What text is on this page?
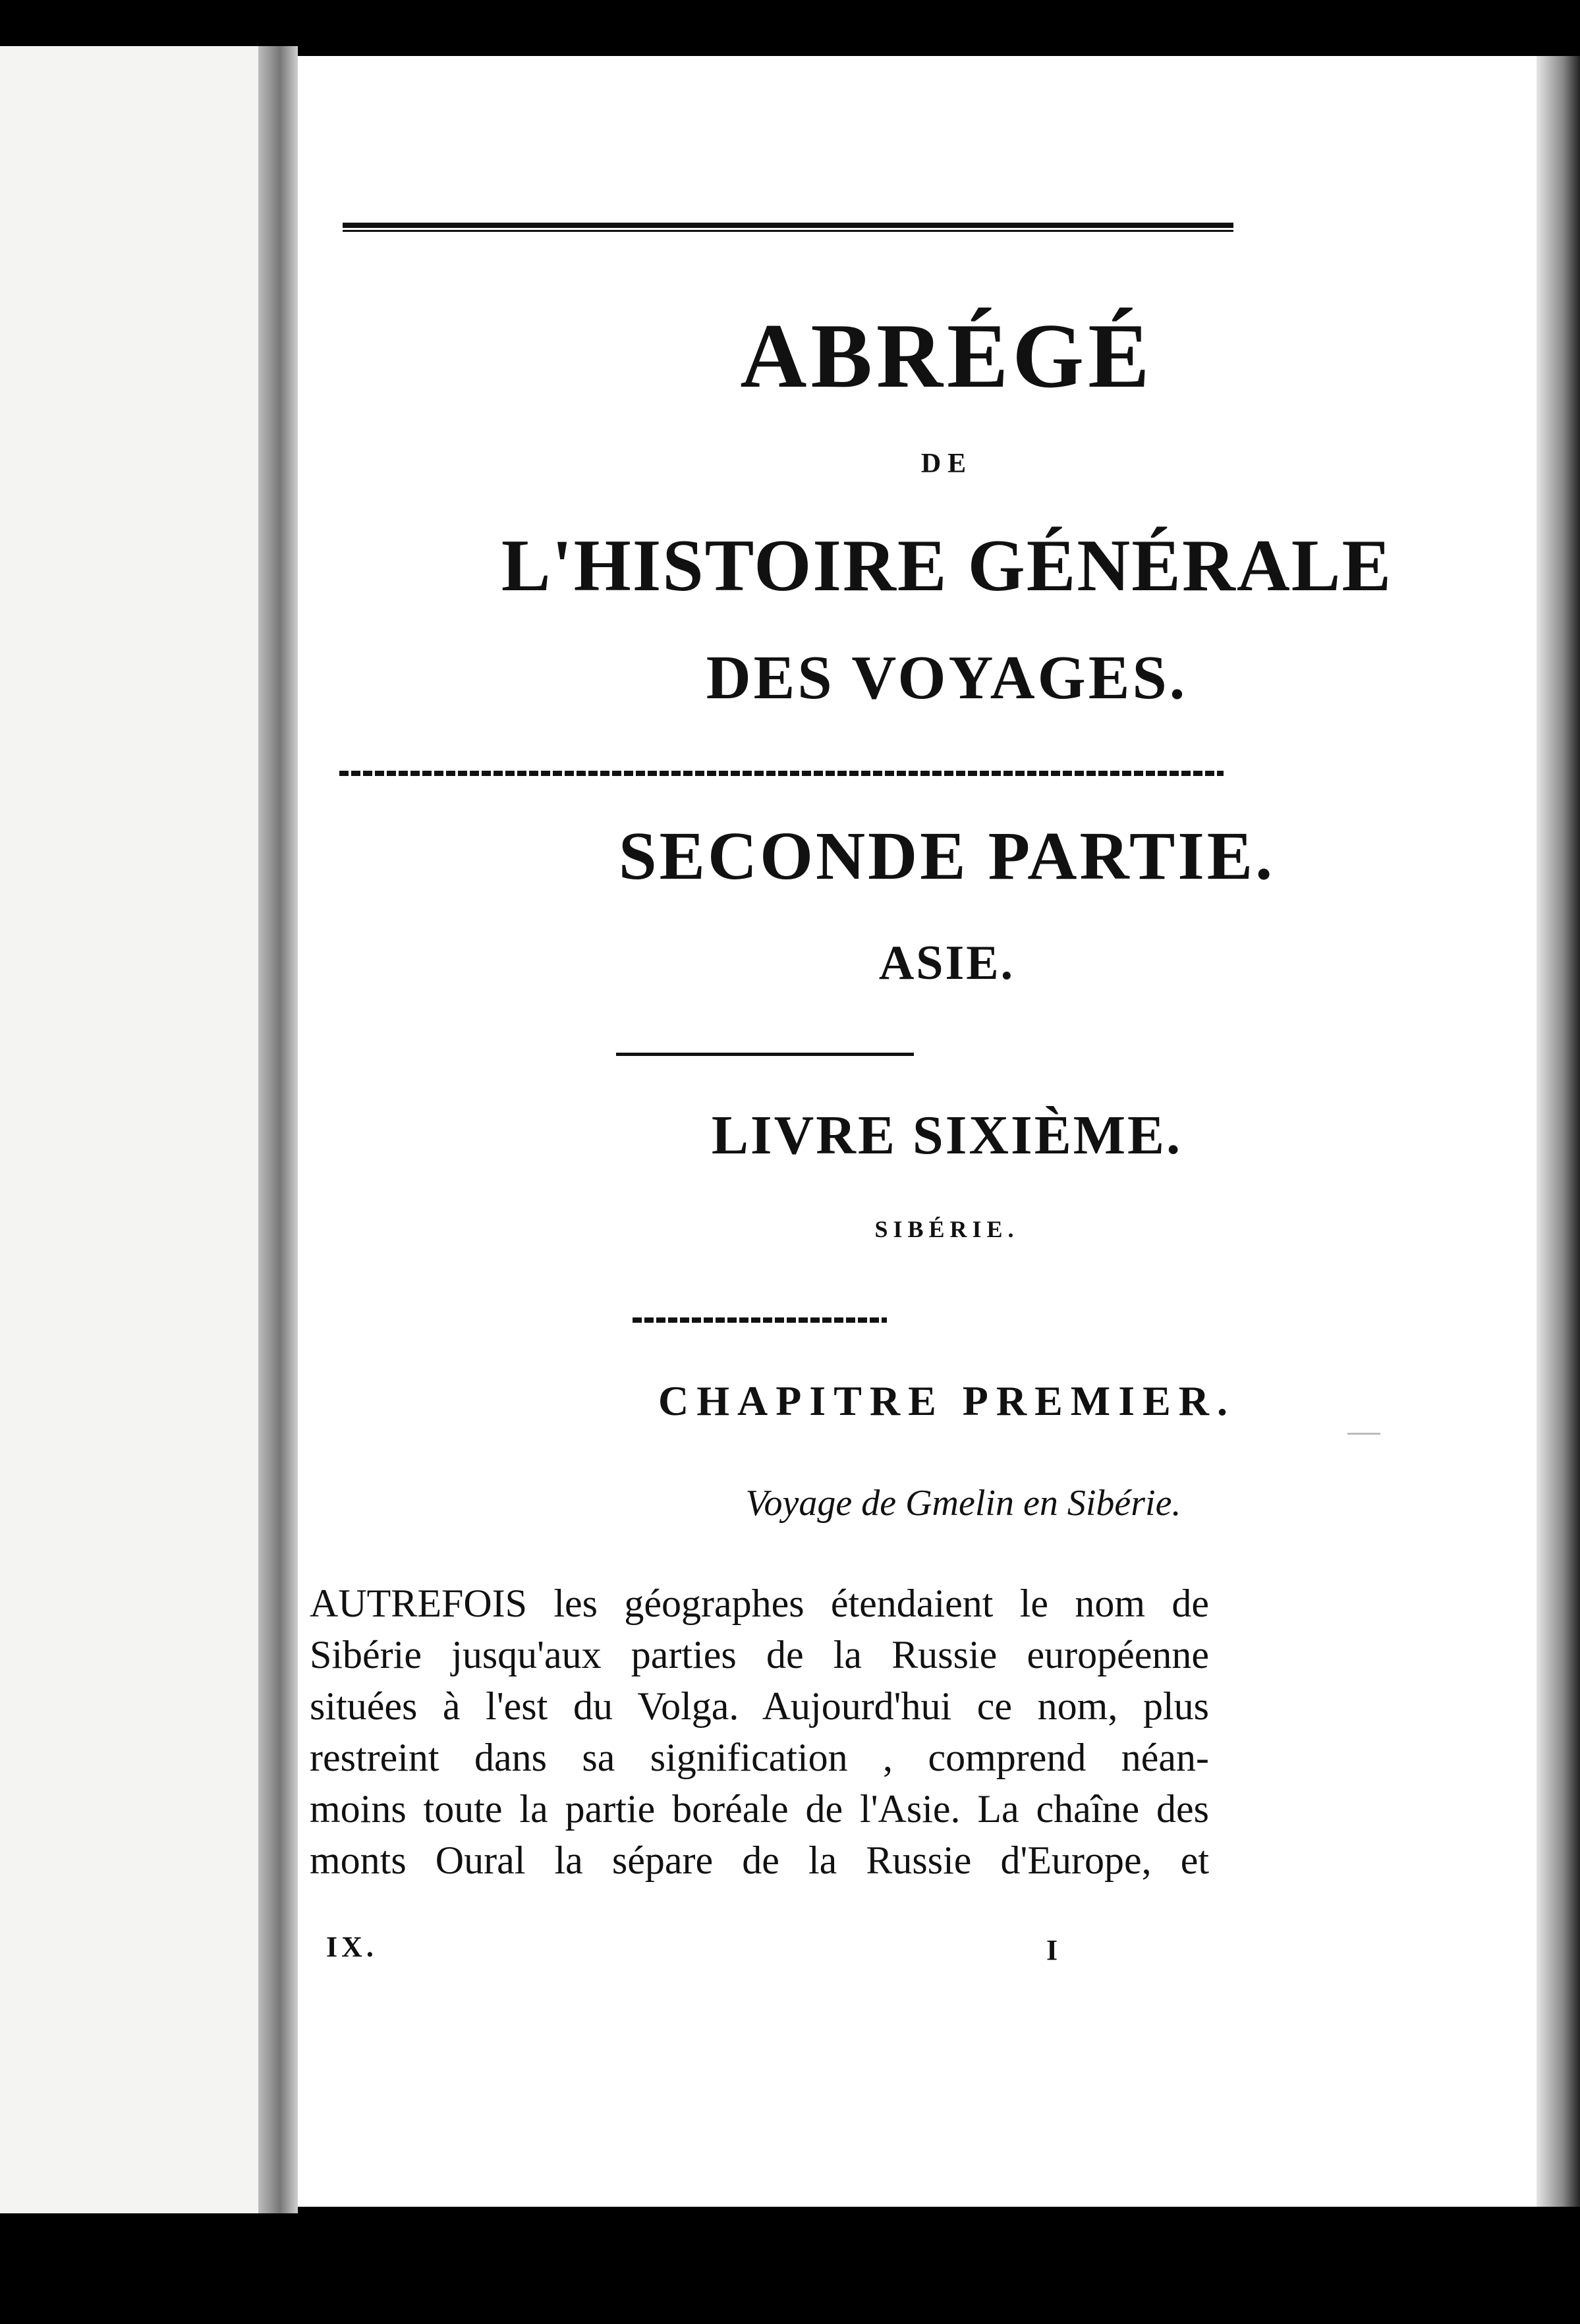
ABRÉGÉ
DE
L'HISTOIRE GÉNÉRALE
DES VOYAGES.
SECONDE PARTIE.
ASIE.
LIVRE SIXIÈME.
SIBÉRIE.
CHAPITRE PREMIER.
Voyage de Gmelin en Sibérie.
AUTREFOIS les géographes étendaient le nom de
Sibérie jusqu'aux parties de la Russie européenne
situées à l'est du Volga. Aujourd'hui ce nom, plus
restreint dans sa signification , comprend néan-
moins toute la partie boréale de l'Asie. La chaîne des
monts Oural la sépare de la Russie d'Europe, et
IX.	I
